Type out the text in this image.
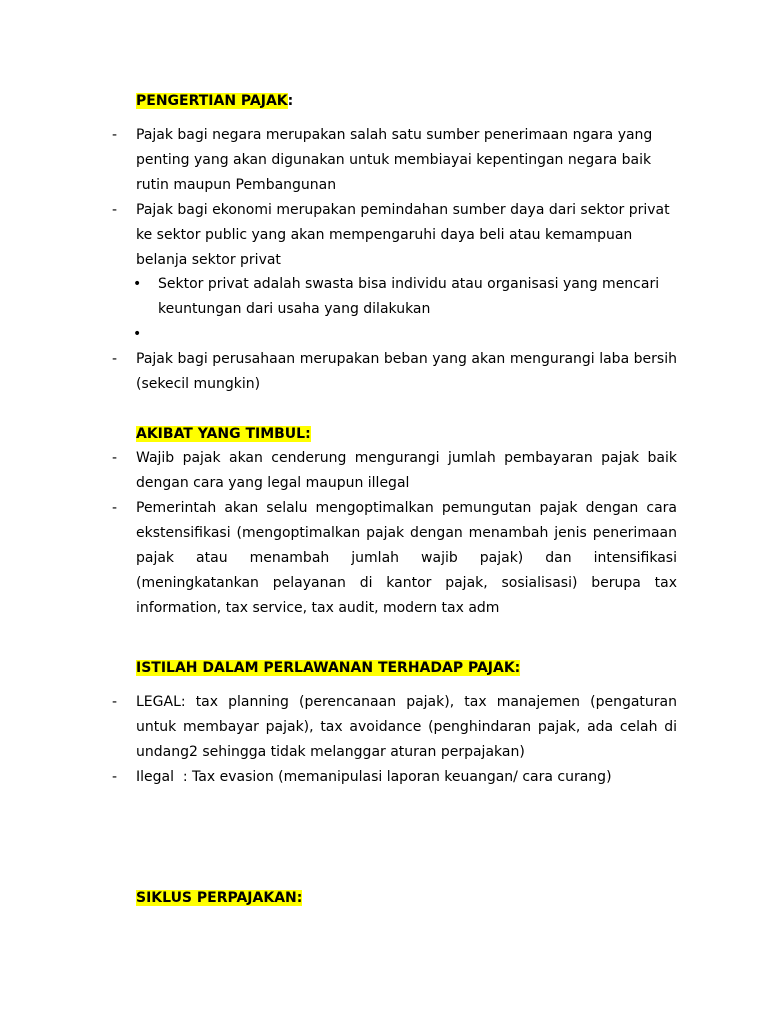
PENGERTIAN PAJAK:
- Pajak bagi negara merupakan salah satu sumber penerimaan ngara yang
penting yang akan digunakan untuk membiayai kepentingan negara baik
rutin maupun Pembangunan
- Pajak bagi ekonomi merupakan pemindahan sumber daya dari sektor privat
ke sektor public yang akan mempengaruhi daya beli atau kemampuan
belanja sektor privat
• Sektor privat adalah swasta bisa individu atau organisasi yang mencari keuntungan dari usaha yang dilakukan
•
- Pajak bagi perusahaan merupakan beban yang akan mengurangi laba bersih (sekecil mungkin)
AKIBAT YANG TIMBUL:
- Wajib pajak akan cenderung mengurangi jumlah pembayaran pajak baik dengan cara yang legal maupun illegal
- Pemerintah akan selalu mengoptimalkan pemungutan pajak dengan cara ekstensifikasi (mengoptimalkan pajak dengan menambah jenis penerimaan pajak atau menambah jumlah wajib pajak) dan intensifikasi (meningkatankan pelayanan di kantor pajak, sosialisasi) berupa tax information, tax service, tax audit, modern tax adm
ISTILAH DALAM PERLAWANAN TERHADAP PAJAK:
- LEGAL: tax planning (perencanaan pajak), tax manajemen (pengaturan untuk membayar pajak), tax avoidance (penghindaran pajak, ada celah di undang2 sehingga tidak melanggar aturan perpajakan)
- Ilegal  : Tax evasion (memanipulasi laporan keuangan/ cara curang)
SIKLUS PERPAJAKAN:
